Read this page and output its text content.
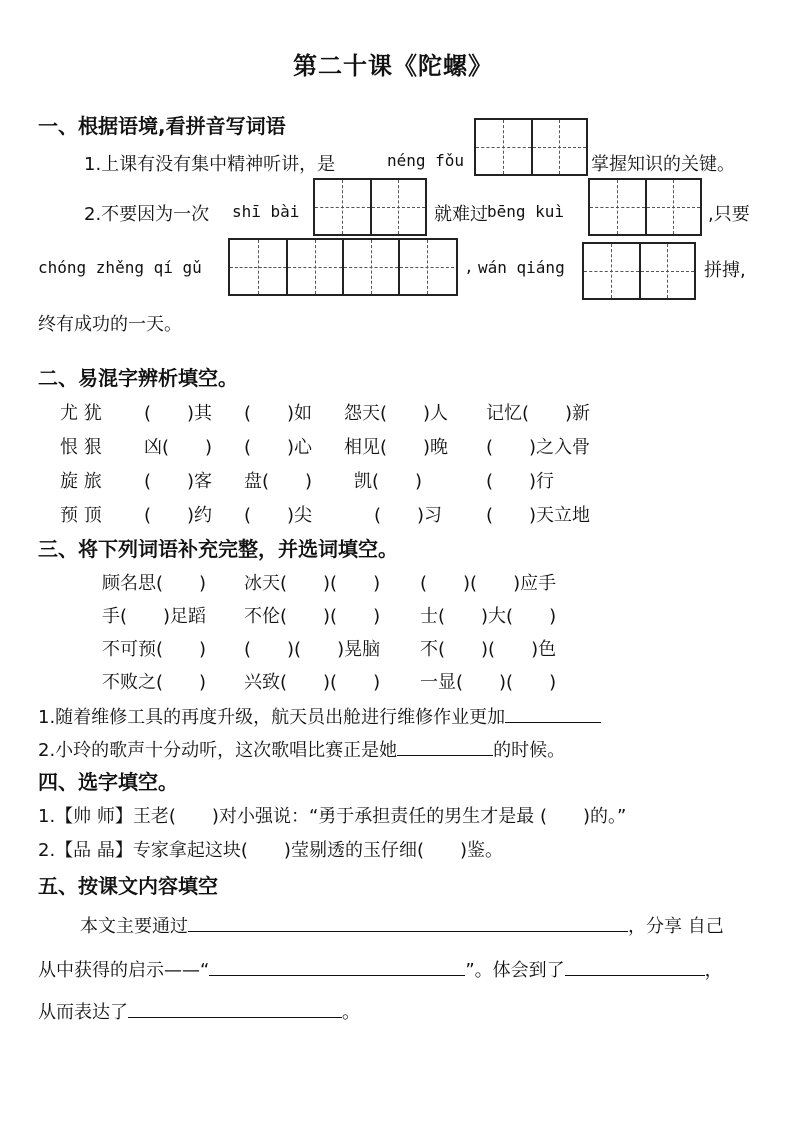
第二十课《陀螺》
一、根据语境,看拼音写词语
1.上课有没有集中精神听讲，是	néng fǒu	掌握知识的关键。
2.不要因为一次 shī bài	就难过 bēng kuì	,只要
chóng zhěng qí gǔ	, wán qiáng	拼搏,
终有成功的一天。
二、易混字辨析填空。
尤 犹 (　　)其 (　　)如 怨天(　　)人 记忆(　　)新
恨 狠 凶(　　) (　　)心 相见(　　)晚 (　　)之入骨
旋 旅 (　　)客 盘(　　) 凯(　　)	(　　)行
预 顶 (　　)约 (　　)尖	(　　)习 (　　)天立地
三、将下列词语补充完整，并选词填空。
顾名思(　　) 冰天(　　)(　　) (　　)(　　)应手
手(　　)足蹈 不伦(　　)(　　) 士(　　)大(　　)
不可预(　　) (　　)(　　)晃脑 不(　　)(　　)色
不败之(　　) 兴致(　　)(　　) 一显(　　)(　　)
1.随着维修工具的再度升级，航天员出舱进行维修作业更加
2.小玲的歌声十分动听，这次歌唱比赛正是她	的时候。
四、选字填空。
1.【帅 师】王老(　　)对小强说：“勇于承担责任的男生才是最 (　　)的。”
2.【品 晶】专家拿起这块(　　)莹剔透的玉仔细(　　)鉴。
五、按课文内容填空
本文主要通过	，分享 自己
从中获得的启示——“	”。体会到了	，
从而表达了	。
